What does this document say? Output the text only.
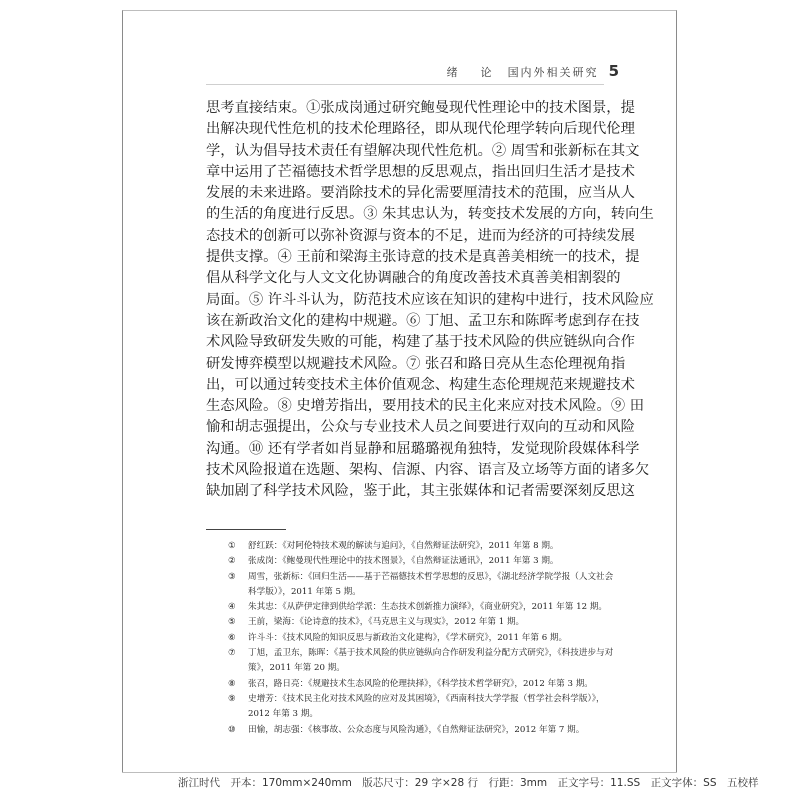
绪　论 国内外相关研究 5
思考直接结束。①张成岗通过研究鲍曼现代性理论中的技术图景，提
出解决现代性危机的技术伦理路径，即从现代伦理学转向后现代伦理
学，认为倡导技术责任有望解决现代性危机。② 周雪和张新标在其文
章中运用了芒福德技术哲学思想的反思观点，指出回归生活才是技术
发展的未来进路。要消除技术的异化需要厘清技术的范围，应当从人
的生活的角度进行反思。③ 朱其忠认为，转变技术发展的方向，转向生
态技术的创新可以弥补资源与资本的不足，进而为经济的可持续发展
提供支撑。④ 王前和梁海主张诗意的技术是真善美相统一的技术，提
倡从科学文化与人文文化协调融合的角度改善技术真善美相割裂的
局面。⑤ 许斗斗认为，防范技术应该在知识的建构中进行，技术风险应
该在新政治文化的建构中规避。⑥ 丁旭、孟卫东和陈晖考虑到存在技
术风险导致研发失败的可能，构建了基于技术风险的供应链纵向合作
研发博弈模型以规避技术风险。⑦ 张召和路日亮从生态伦理视角指
出，可以通过转变技术主体价值观念、构建生态伦理规范来规避技术
生态风险。⑧ 史增芳指出，要用技术的民主化来应对技术风险。⑨ 田
愉和胡志强提出，公众与专业技术人员之间要进行双向的互动和风险
沟通。⑩ 还有学者如肖显静和屈璐璐视角独特，发觉现阶段媒体科学
技术风险报道在选题、架构、信源、内容、语言及立场等方面的诸多欠
缺加剧了科学技术风险，鉴于此，其主张媒体和记者需要深刻反思这
①	舒红跃：《对阿伦特技术观的解读与追问》，《自然辩证法研究》，2011 年第 8 期。
②	张成岗：《鲍曼现代性理论中的技术图景》，《自然辩证法通讯》，2011 年第 3 期。
③	周雪，张新标：《回归生活——基于芒福德技术哲学思想的反思》，《湖北经济学院学报（人文社会科学版）》，2011 年第 5 期。
④	朱其忠：《从萨伊定律到供给学派：生态技术创新推力演绎》，《商业研究》，2011 年第 12 期。
⑤	王前，梁海：《论诗意的技术》，《马克思主义与现实》，2012 年第 1 期。
⑥	许斗斗：《技术风险的知识反思与新政治文化建构》，《学术研究》，2011 年第 6 期。
⑦	丁旭，孟卫东，陈晖：《基于技术风险的供应链纵向合作研发利益分配方式研究》，《科技进步与对策》，2011 年第 20 期。
⑧	张召，路日亮：《规避技术生态风险的伦理抉择》，《科学技术哲学研究》，2012 年第 3 期。
⑨	史增芳：《技术民主化对技术风险的应对及其困境》，《西南科技大学学报（哲学社会科学版）》，2012 年第 3 期。
⑩	田愉，胡志强：《核事故、公众态度与风险沟通》，《自然辩证法研究》，2012 年第 7 期。
浙江时代　开本：170mm×240mm　版芯尺寸：29 字×28 行　行距：3mm　正文字号：11.SS　正文字体：SS　五校样
